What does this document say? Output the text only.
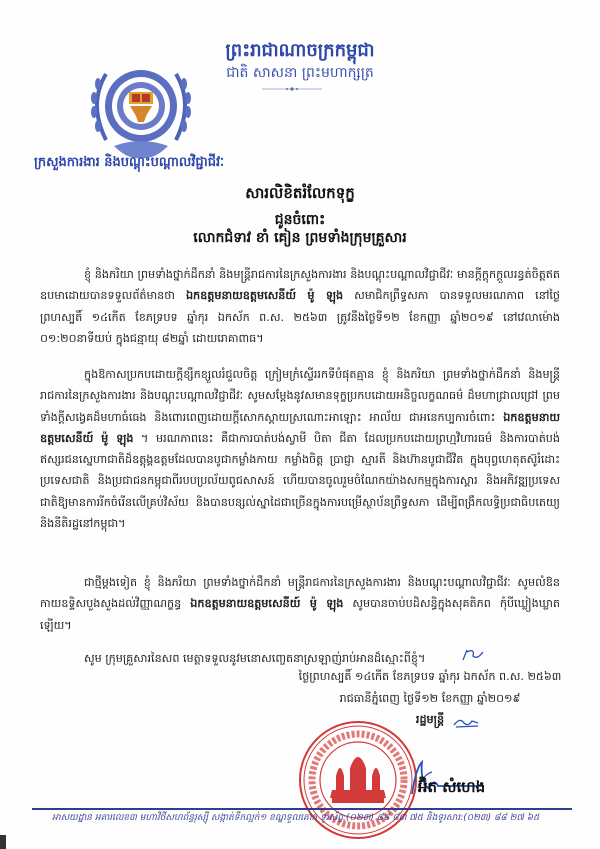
ព្រះរាជាណាចក្រកម្ពុជា
ជាតិ សាសនា ព្រះមហាក្សត្រ
ក្រសួងការងារ និងបណ្តុះបណ្តាលវិជ្ជាជីវៈ
សារលិខិតរំលែកទុក្ខ
ជូនចំពោះ
លោកជំទាវ ខាំ គៀន ព្រមទាំងក្រុមគ្រួសារ
ខ្ញុំ និងភរិយា ព្រមទាំងថ្នាក់ដឹកនាំ និងមន្ត្រីរាជការនៃក្រសួងការងារ និងបណ្តុះបណ្តាលវិជ្ជាជីវៈ មានក្តីក្តុកក្តួលរន្ធត់ចិត្តឥតឧបមាដោយបានទទួលព័ត៌មានថា ឯកឧត្តមនាយឧត្តមសេនីយ៍ ម៉ូ ឡុង សមាជិកព្រឹទ្ធសភា បានទទួលមរណភាព នៅថ្ងៃ ព្រហស្បតិ៍ ១៤កើត ខែភទ្របទ ឆ្នាំកុរ ឯកស័ក ព.ស. ២៥៦៣ ត្រូវនឹងថ្ងៃទី១២ ខែកញ្ញា ឆ្នាំ២០១៩ នៅវេលាម៉ោង ០១:២០នាទីយប់ ក្នុងជន្មាយុ ៨២ឆ្នាំ ដោយរោគាពាធ។
ក្នុងឱកាសប្រកបដោយក្តីខ្សឹកខ្សួលរំជួលចិត្ត ក្រៀមក្រំស្ទើររកទីបំផុតគ្មាន ខ្ញុំ និងភរិយា ព្រមទាំងថ្នាក់ដឹកនាំ និងមន្ត្រីរាជការនៃក្រសួងការងារ និងបណ្តុះបណ្តាលវិជ្ជាជីវៈ សូមសម្តែងនូវសមានទុក្ខប្រកបដោយអនិច្ចលក្ខណធម៌ ដ៏មហាជ្រាលជ្រៅ ព្រមទាំងក្តីសង្វេគដ៏មហាធំធេង និងពោរពេញដោយក្តីសោកស្តាយស្រណោះអាឡោះ អាល័យ ជាអនេកប្បការចំពោះ ឯកឧត្តមនាយឧត្តមសេនីយ៍ ម៉ូ ឡុង ។ មរណភាពនេះ គឺជាការបាត់បង់ស្វាមី បិតា ជីតា ដែលប្រកបដោយព្រហ្មវិហារធម៌ និងការបាត់បង់ឥស្សរជនស្នេហាជាតិដ៏ឧត្តុង្គឧត្តមដែលបានបូជាកម្លាំងកាយ កម្លាំងចិត្ត ប្រាជ្ញា ស្មារតី និងហ៊ានបូជាជីវិត ក្នុងបុព្វហេតុតស៊ូរំដោះប្រទេសជាតិ និងប្រជាជនកម្ពុជាពីរបបប្រល័យពូជសាសន៍ ហើយបានចូលរួមចំណែកយ៉ាងសកម្មក្នុងការស្តារ និងអភិវឌ្ឍប្រទេសជាតិឱ្យមានការរីកចំរើនលើគ្រប់វិស័យ និងបានបន្សល់ស្នាដៃជាច្រើនក្នុងការបម្រើស្ថាប័នព្រឹទ្ធសភា ដើម្បីពង្រឹកលទ្ធិប្រជាធិបតេយ្យ និងនីតិរដ្ឋនៅកម្ពុជា។
ជាថ្មីម្តងទៀត ខ្ញុំ និងភរិយា ព្រមទាំងថ្នាក់ដឹកនាំ មន្ត្រីរាជការនៃក្រសួងការងារ និងបណ្តុះបណ្តាលវិជ្ជាជីវៈ សូមលំឱនកាយឧទ្ទិសបួងសួងដល់វិញ្ញាណក្ខន្ធ ឯកឧត្តមនាយឧត្តមសេនីយ៍ ម៉ូ ឡុង សូមបានចាប់បដិសន្ធិក្នុងសុគតិភព កុំបីឃ្លៀងឃ្លាតឡើយ។
សូម ក្រុមគ្រួសារនៃសព មេត្តាទទួលនូវមនោសញ្ចេតនាស្រឡាញ់រាប់អានដ៏ស្មោះពីខ្ញុំ។
ថ្ងៃព្រហស្បតិ៍ ១៤កើត ខែភទ្របទ ឆ្នាំកុរ ឯកស័ក ព.ស. ២៥៦៣
រាជធានីភ្នំពេញ ថ្ងៃទី១២ ខែកញ្ញា ឆ្នាំ២០១៩
រដ្ឋមន្ត្រី
អ៊ិត សំហេង
អាសយដ្ឋាន អគារលេខ៣ មហាវិថីសហព័ន្ធរុស្ស៊ី សង្កាត់ទឹកល្អក់១ ខណ្ឌទួលគោក ទូរស័ព្ទ:(០២៣) ៨៨ ៨៣ ៧៥ និងទូរសារ:(០២៣) ៨៨ ២៧ ៦៥
